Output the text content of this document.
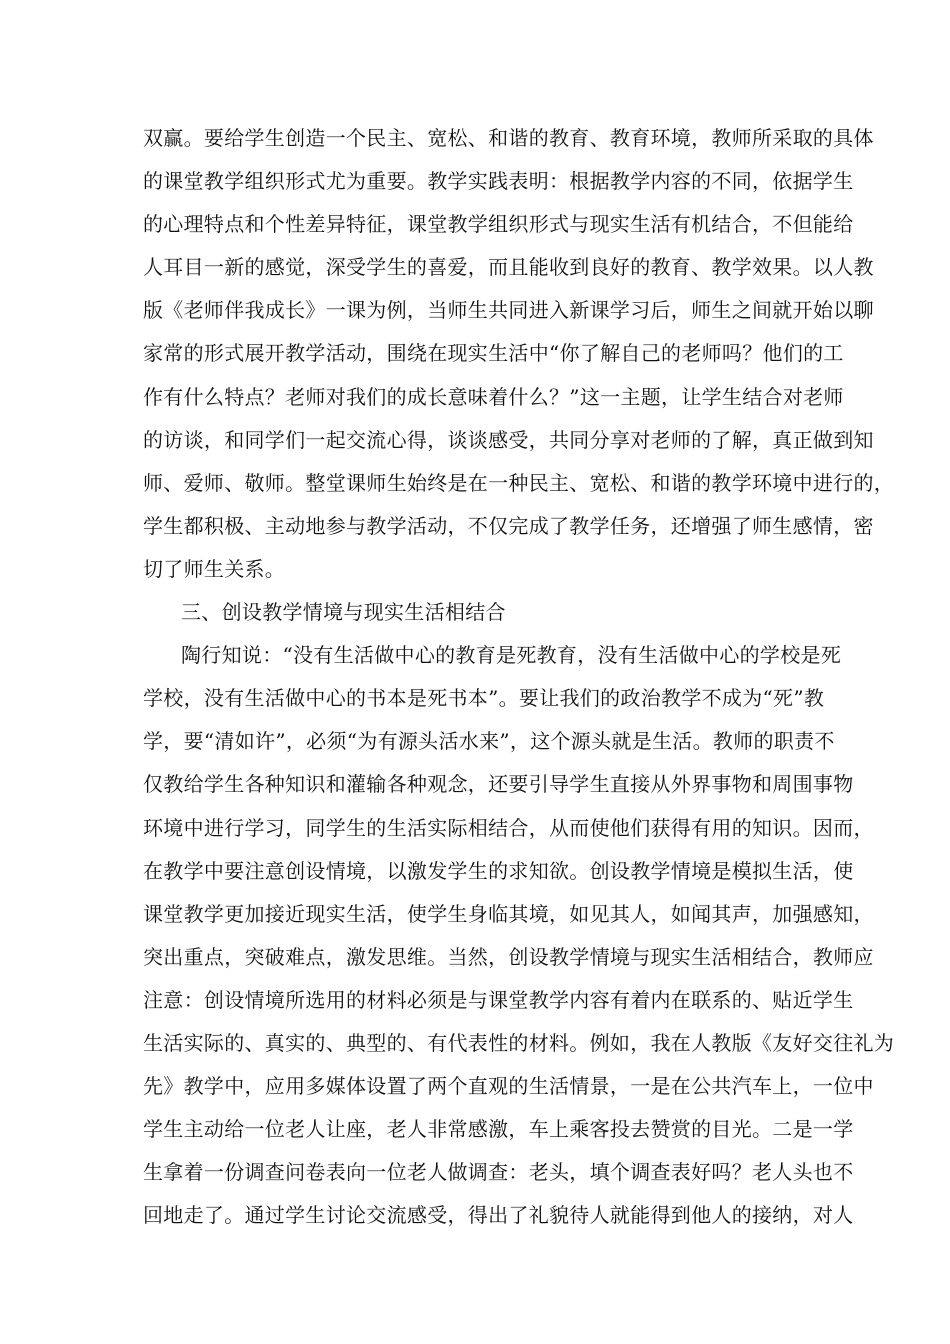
双赢。要给学生创造一个民主、宽松、和谐的教育、教育环境，教师所采取的具体
的课堂教学组织形式尤为重要。教学实践表明：根据教学内容的不同，依据学生
的心理特点和个性差异特征，课堂教学组织形式与现实生活有机结合，不但能给
人耳目一新的感觉，深受学生的喜爱，而且能收到良好的教育、教学效果。以人教
版《老师伴我成长》一课为例，当师生共同进入新课学习后，师生之间就开始以聊
家常的形式展开教学活动，围绕在现实生活中“你了解自己的老师吗？他们的工
作有什么特点？老师对我们的成长意味着什么？”这一主题，让学生结合对老师
的访谈，和同学们一起交流心得，谈谈感受，共同分享对老师的了解，真正做到知
师、爱师、敬师。整堂课师生始终是在一种民主、宽松、和谐的教学环境中进行的，
学生都积极、主动地参与教学活动，不仅完成了教学任务，还增强了师生感情，密
切了师生关系。
三、创设教学情境与现实生活相结合
陶行知说：“没有生活做中心的教育是死教育，没有生活做中心的学校是死
学校，没有生活做中心的书本是死书本”。要让我们的政治教学不成为“死”教
学，要“清如许”，必须“为有源头活水来”，这个源头就是生活。教师的职责不
仅教给学生各种知识和灌输各种观念，还要引导学生直接从外界事物和周围事物
环境中进行学习，同学生的生活实际相结合，从而使他们获得有用的知识。因而，
在教学中要注意创设情境，以激发学生的求知欲。创设教学情境是模拟生活，使
课堂教学更加接近现实生活，使学生身临其境，如见其人，如闻其声，加强感知，
突出重点，突破难点，激发思维。当然，创设教学情境与现实生活相结合，教师应
注意：创设情境所选用的材料必须是与课堂教学内容有着内在联系的、贴近学生
生活实际的、真实的、典型的、有代表性的材料。例如，我在人教版《友好交往礼为
先》教学中，应用多媒体设置了两个直观的生活情景，一是在公共汽车上，一位中
学生主动给一位老人让座，老人非常感激，车上乘客投去赞赏的目光。二是一学
生拿着一份调查问卷表向一位老人做调查：老头，填个调查表好吗？老人头也不
回地走了。通过学生讨论交流感受，得出了礼貌待人就能得到他人的接纳，对人
